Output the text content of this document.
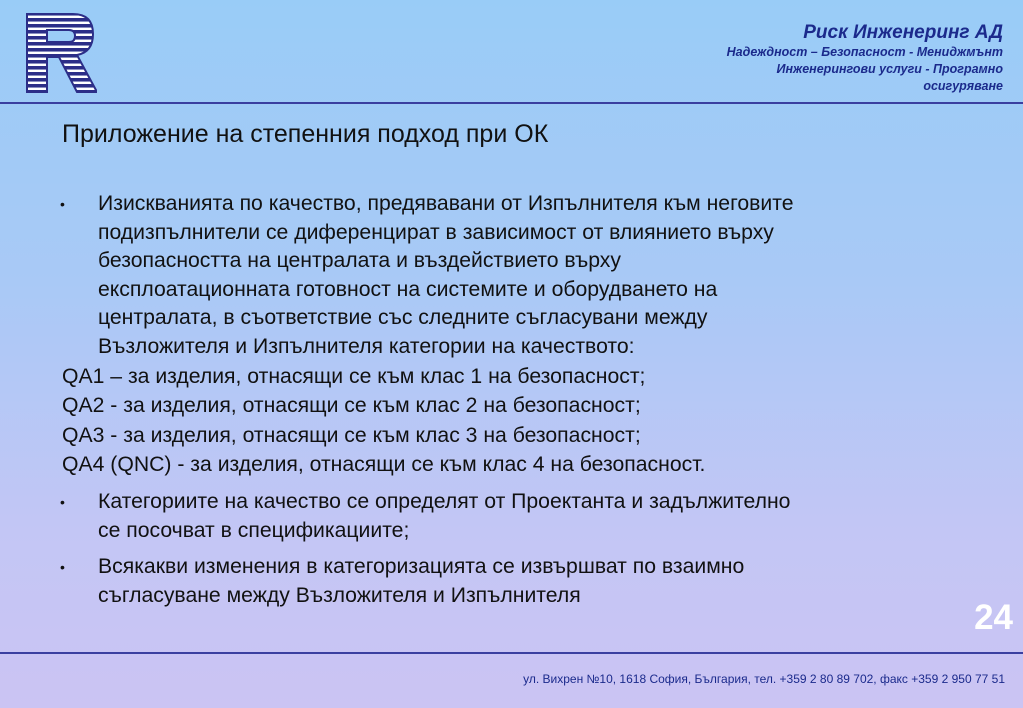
Риск Инженеринг АД
Надеждност – Безопасност - Мениджмънт
Инженерингови услуги - Програмно
осигуряване
Приложение на степенния подход при ОК
• Изискванията по качество, предявавани от Изпълнителя към неговите
подизпълнители се диференцират в зависимост от влиянието върху
безопасността на централата и въздействието върху
експлоатационната готовност на системите и оборудването на
централата, в съответствие със следните съгласувани между
Възложителя и Изпълнителя категории на качеството:
QA1 – за изделия, отнасящи се към клас 1 на безопасност;
QA2 - за изделия, отнасящи се към клас 2 на безопасност;
QA3 - за изделия, отнасящи се към клас 3 на безопасност;
QA4 (QNC) - за изделия, отнасящи се към клас 4 на безопасност.
• Категориите на качество се определят от Проектанта и задължително
се посочват в спецификациите;
• Всякакви изменения в категоризацията се извършват по взаимно
съгласуване между Възложителя и Изпълнителя
24
ул. Вихрен №10, 1618 София, България, тел. +359 2 80 89 702, факс +359 2 950 77 51
